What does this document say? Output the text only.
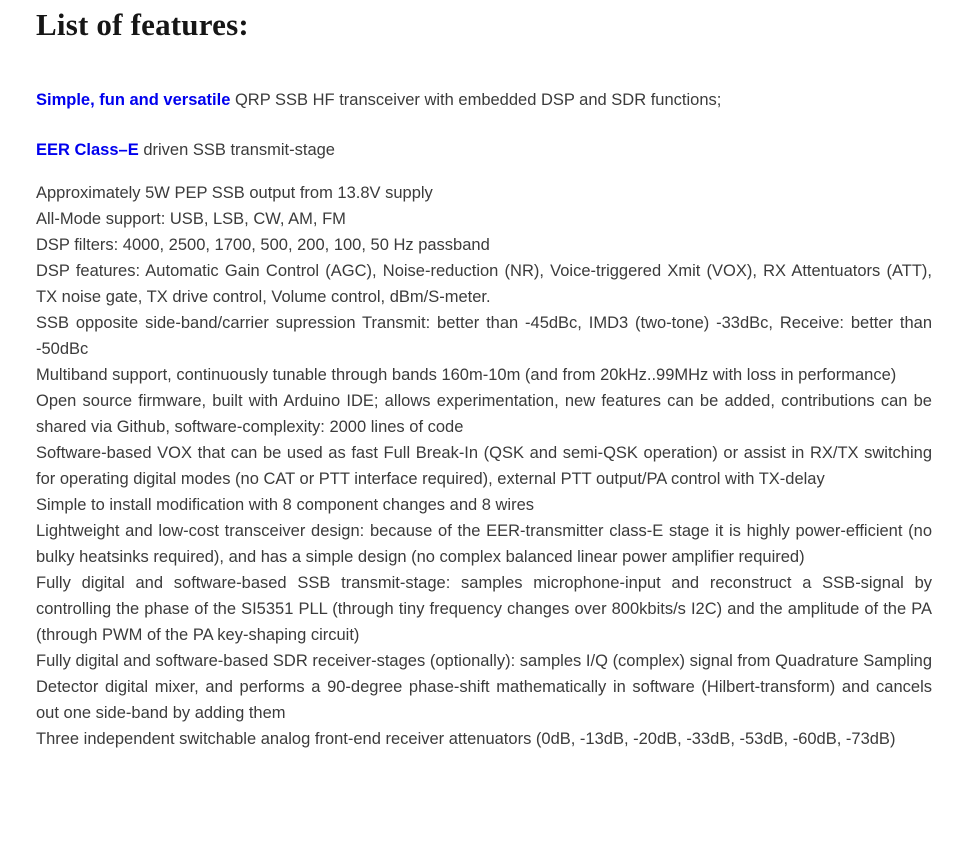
List of features:

Simple, fun and versatile QRP SSB HF transceiver with embedded DSP and SDR functions;

EER Class–E driven SSB transmit-stage

Approximately 5W PEP SSB output from 13.8V supply

All-Mode support: USB, LSB, CW, AM, FM

DSP filters: 4000, 2500, 1700, 500, 200, 100, 50 Hz passband

DSP features: Automatic Gain Control (AGC), Noise-reduction (NR), Voice-triggered Xmit (VOX), RX Attentuators (ATT), TX noise gate, TX drive control, Volume control, dBm/S-meter.

SSB opposite side-band/carrier supression Transmit: better than -45dBc, IMD3 (two-tone) -33dBc, Receive: better than -50dBc

Multiband support, continuously tunable through bands 160m-10m (and from 20kHz..99MHz with loss in performance)

Open source firmware, built with Arduino IDE; allows experimentation, new features can be added, contributions can be shared via Github, software-complexity: 2000 lines of code

Software-based VOX that can be used as fast Full Break-In (QSK and semi-QSK operation) or assist in RX/TX switching for operating digital modes (no CAT or PTT interface required), external PTT output/PA control with TX-delay

Simple to install modification with 8 component changes and 8 wires

Lightweight and low-cost transceiver design: because of the EER-transmitter class-E stage it is highly power-efficient (no bulky heatsinks required), and has a simple design (no complex balanced linear power amplifier required)

Fully digital and software-based SSB transmit-stage: samples microphone-input and reconstruct a SSB-signal by controlling the phase of the SI5351 PLL (through tiny frequency changes over 800kbits/s I2C) and the amplitude of the PA (through PWM of the PA key-shaping circuit)

Fully digital and software-based SDR receiver-stages (optionally): samples I/Q (complex) signal from Quadrature Sampling Detector digital mixer, and performs a 90-degree phase-shift mathematically in software (Hilbert-transform) and cancels out one side-band by adding them

Three independent switchable analog front-end receiver attenuators (0dB, -13dB, -20dB, -33dB, -53dB, -60dB, -73dB)
